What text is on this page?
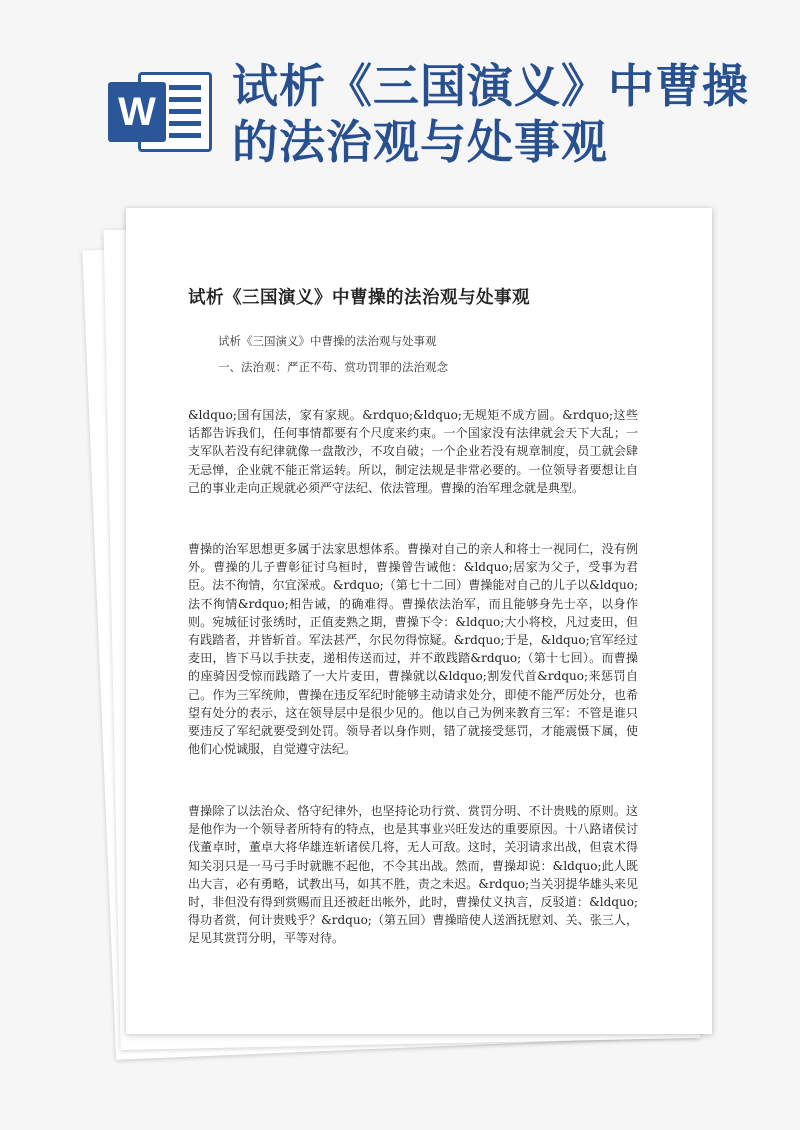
W 试析《三国演义》中曹操的法治观与处事观
试析《三国演义》中曹操的法治观与处事观
试析《三国演义》中曹操的法治观与处事观
一、法治观：严正不苟、赏功罚罪的法治观念

&ldquo;国有国法，家有家规。&rdquo;&ldquo;无规矩不成方圆。&rdquo;这些话都告诉我们，任何事情都要有个尺度来约束。一个国家没有法律就会天下大乱；一支军队若没有纪律就像一盘散沙，不攻自破；一个企业若没有规章制度，员工就会肆无忌惮，企业就不能正常运转。所以，制定法规是非常必要的。一位领导者要想让自己的事业走向正规就必须严守法纪、依法管理。曹操的治军理念就是典型。

曹操的治军思想更多属于法家思想体系。曹操对自己的亲人和将士一视同仁，没有例外。曹操的儿子曹彰征讨乌桓时，曹操曾告诫他：&ldquo;居家为父子，受事为君臣。法不徇情，尔宜深戒。&rdquo;（第七十二回）曹操能对自己的儿子以&ldquo;法不徇情&rdquo;相告诫，的确难得。曹操依法治军，而且能够身先士卒，以身作则。宛城征讨张绣时，正值麦熟之期，曹操下令：&ldquo;大小将校，凡过麦田，但有践踏者，并皆斩首。军法甚严，尔民勿得惊疑。&rdquo;于是，&ldquo;官军经过麦田，皆下马以手扶麦，递相传送而过，并不敢践踏&rdquo;（第十七回）。而曹操的座骑因受惊而践踏了一大片麦田，曹操就以&ldquo;割发代首&rdquo;来惩罚自己。作为三军统帅，曹操在违反军纪时能够主动请求处分，即使不能严厉处分，也希望有处分的表示，这在领导层中是很少见的。他以自己为例来教育三军：不管是谁只要违反了军纪就要受到处罚。领导者以身作则，错了就接受惩罚，才能震慑下属，使他们心悦诚服，自觉遵守法纪。

曹操除了以法治众、恪守纪律外，也坚持论功行赏、赏罚分明、不计贵贱的原则。这是他作为一个领导者所特有的特点，也是其事业兴旺发达的重要原因。十八路诸侯讨伐董卓时，董卓大将华雄连斩诸侯几将，无人可敌。这时，关羽请求出战，但袁术得知关羽只是一马弓手时就瞧不起他，不令其出战。然而，曹操却说：&ldquo;此人既出大言，必有勇略，试教出马，如其不胜，责之未迟。&rdquo;当关羽提华雄头来见时，非但没有得到赏赐而且还被赶出帐外，此时，曹操仗义执言，反驳道：&ldquo;得功者赏，何计贵贱乎？&rdquo;（第五回）曹操暗使人送酒抚慰刘、关、张三人，足见其赏罚分明，平等对待。
